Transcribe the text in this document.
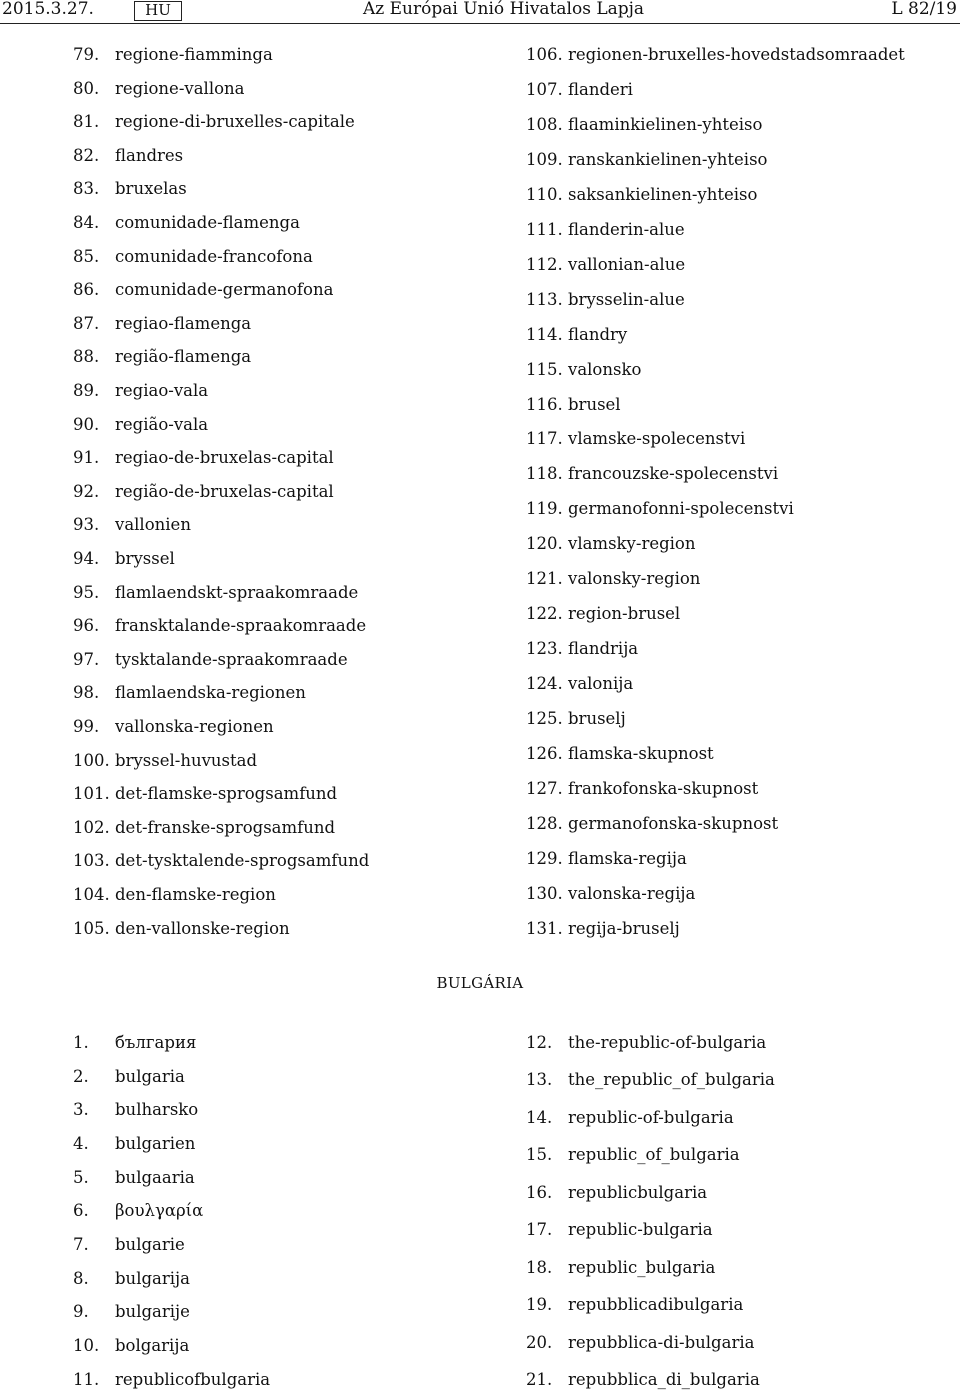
2015.3.27.	HU	Az Európai Unió Hivatalos Lapja	L 82/19
79. regione-fiamminga
80. regione-vallona
81. regione-di-bruxelles-capitale
82. flandres
83. bruxelas
84. comunidade-flamenga
85. comunidade-francofona
86. comunidade-germanofona
87. regiao-flamenga
88. região-flamenga
89. regiao-vala
90. região-vala
91. regiao-de-bruxelas-capital
92. região-de-bruxelas-capital
93. vallonien
94. bryssel
95. flamlaendskt-spraakomraade
96. fransktalande-spraakomraade
97. tysktalande-spraakomraade
98. flamlaendska-regionen
99. vallonska-regionen
100. bryssel-huvustad
101. det-flamske-sprogsamfund
102. det-franske-sprogsamfund
103. det-tysktalende-sprogsamfund
104. den-flamske-region
105. den-vallonske-region
106. regionen-bruxelles-hovedstadsomraadet
107. flanderi
108. flaaminkielinen-yhteiso
109. ranskankielinen-yhteiso
110. saksankielinen-yhteiso
111. flanderin-alue
112. vallonian-alue
113. brysselin-alue
114. flandry
115. valonsko
116. brusel
117. vlamske-spolecenstvi
118. francouzske-spolecenstvi
119. germanofonni-spolecenstvi
120. vlamsky-region
121. valonsky-region
122. region-brusel
123. flandrija
124. valonija
125. bruselj
126. flamska-skupnost
127. frankofonska-skupnost
128. germanofonska-skupnost
129. flamska-regija
130. valonska-regija
131. regija-bruselj
BULGÁRIA
1.	българия
2.	bulgaria
3.	bulharsko
4.	bulgarien
5.	bulgaaria
6.	βουλγαρία
7.	bulgarie
8.	bulgarija
9.	bulgarije
10. bolgarija
11. republicofbulgaria
12. the-republic-of-bulgaria
13. the_republic_of_bulgaria
14. republic-of-bulgaria
15. republic_of_bulgaria
16. republicbulgaria
17. republic-bulgaria
18. republic_bulgaria
19. repubblicadibulgaria
20. repubblica-di-bulgaria
21. repubblica_di_bulgaria
